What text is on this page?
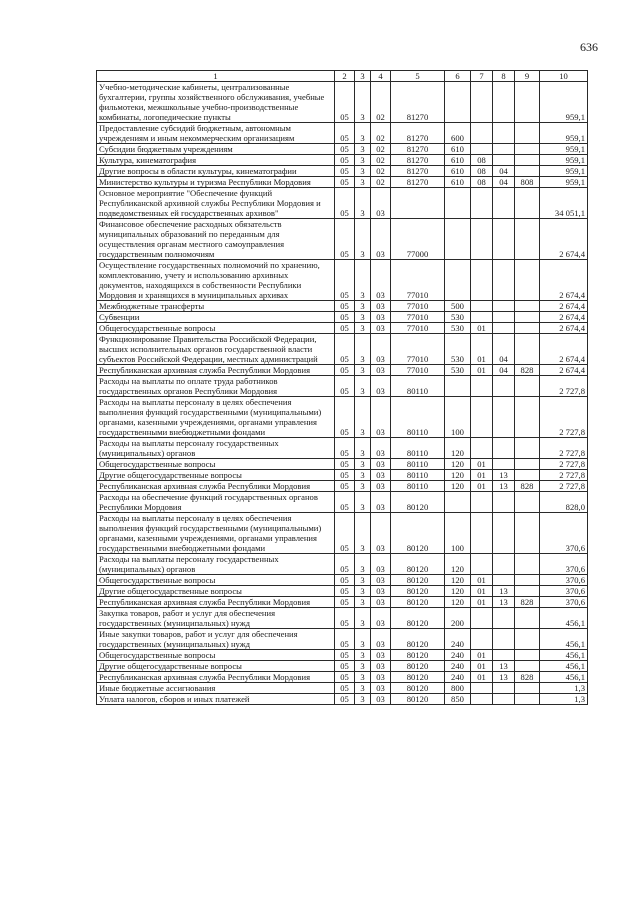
636
1	2	3	4	5	6	7	8	9	10
Учебно-методические кабинеты, централизованные бухгалтерии, группы хозяйственного обслуживания, учебные фильмотеки, межшкольные учебно-производственные комбинаты, логопедические пункты	05	3	02	81270					959,1
Предоставление субсидий бюджетным, автономным учреждениям и иным некоммерческим организациям	05	3	02	81270	600				959,1
Субсидии бюджетным учреждениям	05	3	02	81270	610				959,1
Культура, кинематография	05	3	02	81270	610	08			959,1
Другие вопросы в области культуры, кинематографии	05	3	02	81270	610	08	04		959,1
Министерство культуры и туризма Республики Мордовия	05	3	02	81270	610	08	04	808	959,1
Основное мероприятие "Обеспечение функций Республиканской архивной службы Республики Мордовия и подведомственных ей государственных архивов"	05	3	03						34 051,1
Финансовое обеспечение расходных обязательств муниципальных образований по переданным для осуществления органам местного самоуправления государственным полномочиям	05	3	03	77000					2 674,4
Осуществление государственных полномочий по хранению, комплектованию, учету и использованию архивных документов, находящихся в собственности Республики Мордовия и хранящихся в муниципальных архивах	05	3	03	77010					2 674,4
Межбюджетные трансферты	05	3	03	77010	500				2 674,4
Субвенции	05	3	03	77010	530				2 674,4
Общегосударственные вопросы	05	3	03	77010	530	01			2 674,4
Функционирование Правительства Российской Федерации, высших исполнительных органов государственной власти субъектов Российской Федерации, местных администраций	05	3	03	77010	530	01	04		2 674,4
Республиканская архивная служба Республики Мордовия	05	3	03	77010	530	01	04	828	2 674,4
Расходы на выплаты по оплате труда работников государственных органов Республики Мордовия	05	3	03	80110					2 727,8
Расходы на выплаты персоналу в целях обеспечения выполнения функций государственными (муниципальными) органами, казенными учреждениями, органами управления государственными внебюджетными фондами	05	3	03	80110	100				2 727,8
Расходы на выплаты персоналу государственных (муниципальных) органов	05	3	03	80110	120				2 727,8
Общегосударственные вопросы	05	3	03	80110	120	01			2 727,8
Другие общегосударственные вопросы	05	3	03	80110	120	01	13		2 727,8
Республиканская архивная служба Республики Мордовия	05	3	03	80110	120	01	13	828	2 727,8
Расходы на обеспечение функций государственных органов Республики Мордовия	05	3	03	80120					828,0
Расходы на выплаты персоналу в целях обеспечения выполнения функций государственными (муниципальными) органами, казенными учреждениями, органами управления государственными внебюджетными фондами	05	3	03	80120	100				370,6
Расходы на выплаты персоналу государственных (муниципальных) органов	05	3	03	80120	120				370,6
Общегосударственные вопросы	05	3	03	80120	120	01			370,6
Другие общегосударственные вопросы	05	3	03	80120	120	01	13		370,6
Республиканская архивная служба Республики Мордовия	05	3	03	80120	120	01	13	828	370,6
Закупка товаров, работ и услуг для обеспечения государственных (муниципальных) нужд	05	3	03	80120	200				456,1
Иные закупки товаров, работ и услуг для обеспечения государственных (муниципальных) нужд	05	3	03	80120	240				456,1
Общегосударственные вопросы	05	3	03	80120	240	01			456,1
Другие общегосударственные вопросы	05	3	03	80120	240	01	13		456,1
Республиканская архивная служба Республики Мордовия	05	3	03	80120	240	01	13	828	456,1
Иные бюджетные ассигнования	05	3	03	80120	800				1,3
Уплата налогов, сборов и иных платежей	05	3	03	80120	850				1,3
